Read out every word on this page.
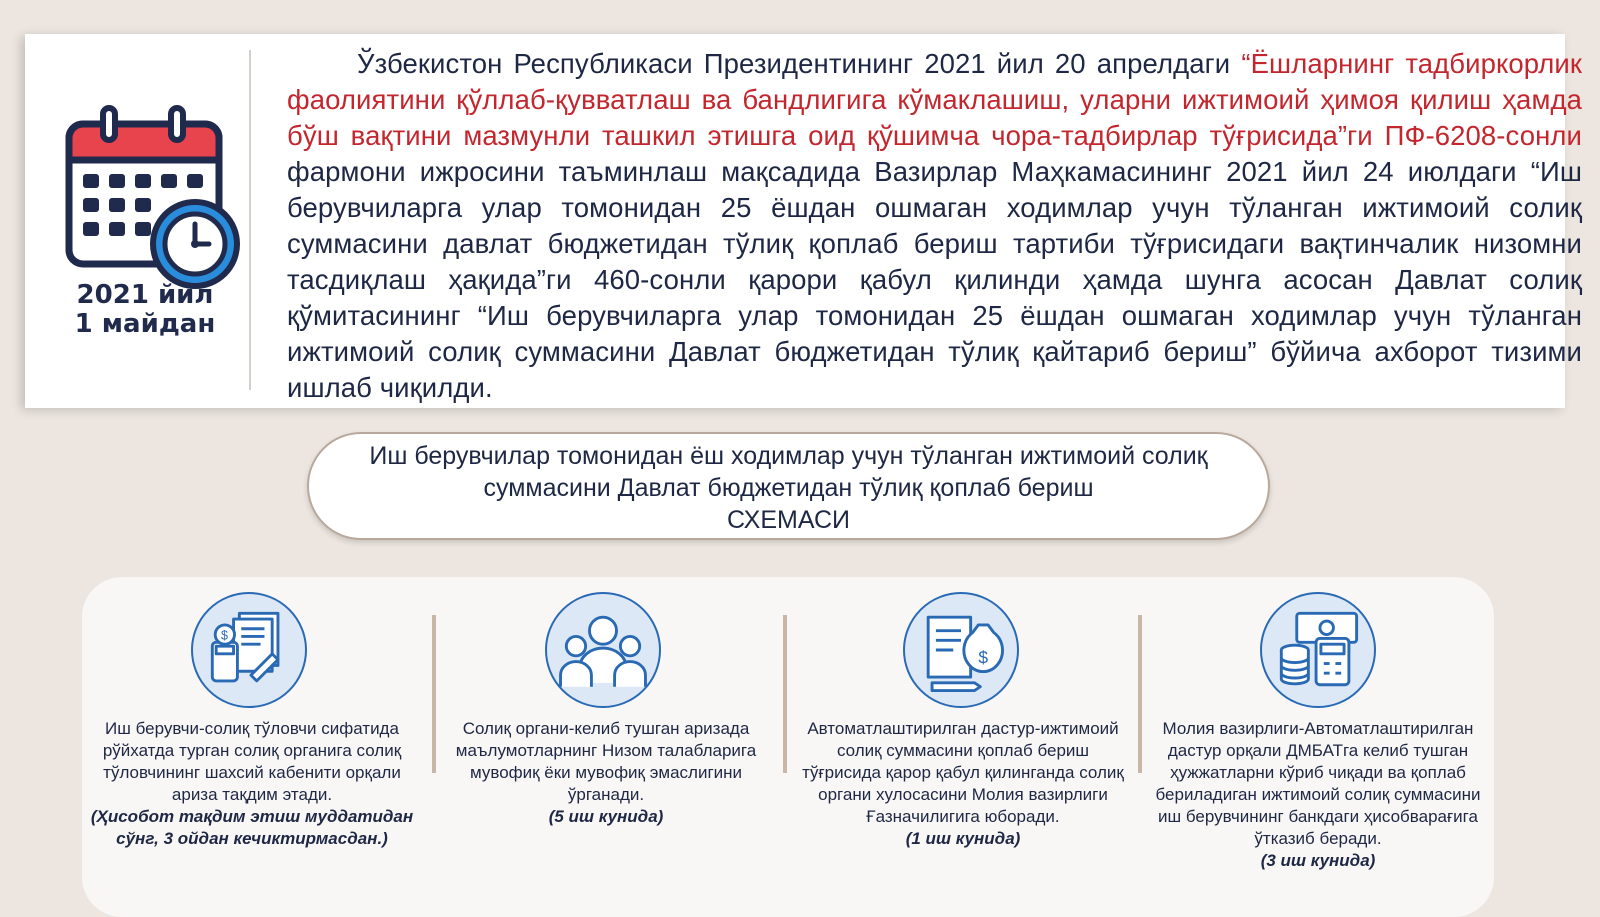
2021 йил
1 майдан
Ўзбекистон Республикаси Президентининг 2021 йил 20 апрелдаги “Ёшларнинг тадбиркорлик фаолиятини қўллаб-қувватлаш ва бандлигига кўмаклашиш, уларни ижтимоий ҳимоя қилиш ҳамда бўш вақтини мазмунли ташкил этишга оид қўшимча чора-тадбирлар тўғрисида”ги ПФ-6208-сонли фармони ижросини таъминлаш мақсадида Вазирлар Маҳкамасининг 2021 йил 24 июлдаги “Иш берувчиларга улар томонидан 25 ёшдан ошмаган ходимлар учун тўланган ижтимоий солиқ суммасини давлат бюджетидан тўлиқ қоплаб бериш тартиби тўғрисидаги вақтинчалик низомни тасдиқлаш ҳақида”ги 460-сонли қарори қабул қилинди ҳамда шунга асосан Давлат солиқ қўмитасининг “Иш берувчиларга улар томонидан 25 ёшдан ошмаган ходимлар учун тўланган ижтимоий солиқ суммасини Давлат бюджетидан тўлиқ қайтариб бериш” бўйича ахборот тизими ишлаб чиқилди.
Иш берувчилар томонидан ёш ходимлар учун тўланган ижтимоий солиқ
суммасини Давлат бюджетидан тўлиқ қоплаб бериш
СХЕМАСИ
$
Иш берувчи-солиқ тўловчи сифатида рўйхатда турган солиқ органига солиқ тўловчининг шахсий кабенити орқали ариза тақдим этади.
(Ҳисобот тақдим этиш муддатидан сўнг, 3 ойдан кечиктирмасдан.)
Солиқ органи-келиб тушган аризада маълумотларнинг Низом талабларига мувофиқ ёки мувофиқ эмаслигини ўрганади.
(5 иш кунида)
$
Автоматлаштирилган дастур-ижтимоий солиқ суммасини қоплаб бериш тўғрисида қарор қабул қилинганда солиқ органи хулосасини Молия вазирлиги Ғазначилигига юборади.
(1 иш кунида)
Молия вазирлиги-Автоматлаштирилган дастур орқали ДМБАТга келиб тушган ҳужжатларни кўриб чиқади ва қоплаб бериладиган ижтимоий солиқ суммасини иш берувчининг банкдаги ҳисобварағига ўтказиб беради.
(3 иш кунида)
